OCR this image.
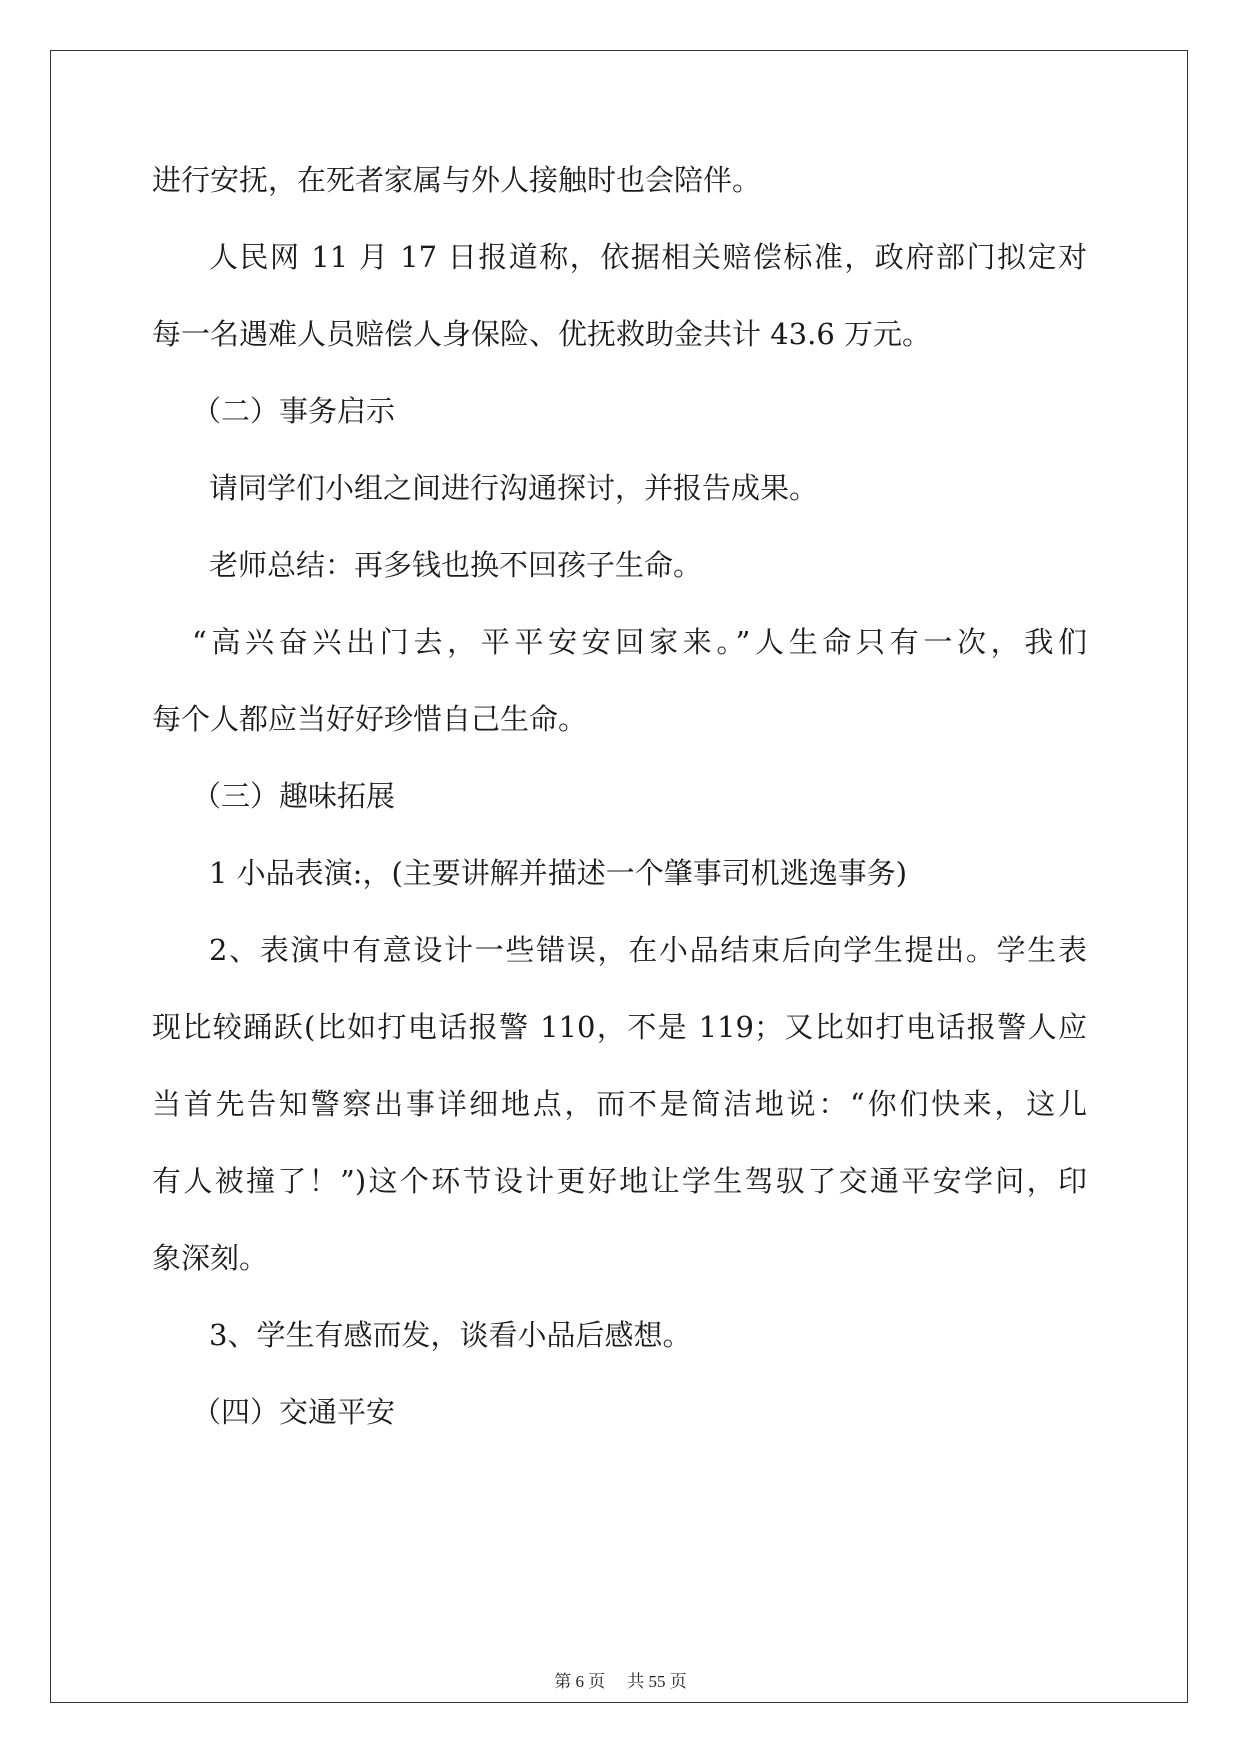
进行安抚，在死者家属与外人接触时也会陪伴。
人民网 11 月 17 日报道称，依据相关赔偿标准，政府部门拟定对
每一名遇难人员赔偿人身保险、优抚救助金共计 43.6 万元。
（二）事务启示
请同学们小组之间进行沟通探讨，并报告成果。
老师总结：再多钱也换不回孩子生命。
“高兴奋兴出门去，平平安安回家来。”人生命只有一次，我们
每个人都应当好好珍惜自己生命。
（三）趣味拓展
1 小品表演:，(主要讲解并描述一个肇事司机逃逸事务)
2、表演中有意设计一些错误，在小品结束后向学生提出。学生表
现比较踊跃(比如打电话报警 110，不是 119；又比如打电话报警人应
当首先告知警察出事详细地点，而不是简洁地说：“你们快来，这儿
有人被撞了！”)这个环节设计更好地让学生驾驭了交通平安学问，印
象深刻。
3、学生有感而发，谈看小品后感想。
（四）交通平安
第 6 页 共 55 页
